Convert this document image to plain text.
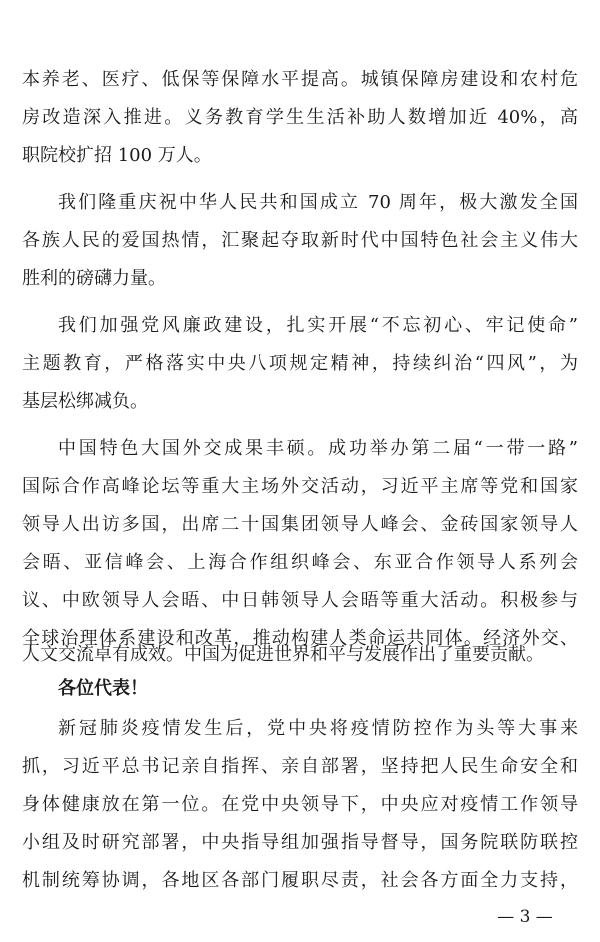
本养老、医疗、低保等保障水平提高。城镇保障房建设和农村危
房改造深入推进。义务教育学生生活补助人数增加近 40%，高
职院校扩招 100 万人。
我们隆重庆祝中华人民共和国成立 70 周年，极大激发全国
各族人民的爱国热情，汇聚起夺取新时代中国特色社会主义伟大
胜利的磅礴力量。
我们加强党风廉政建设，扎实开展“不忘初心、牢记使命”
主题教育，严格落实中央八项规定精神，持续纠治“四风”，为
基层松绑减负。
中国特色大国外交成果丰硕。成功举办第二届“一带一路”
国际合作高峰论坛等重大主场外交活动，习近平主席等党和国家
领导人出访多国，出席二十国集团领导人峰会、金砖国家领导人
会晤、亚信峰会、上海合作组织峰会、东亚合作领导人系列会
议、中欧领导人会晤、中日韩领导人会晤等重大活动。积极参与
全球治理体系建设和改革，推动构建人类命运共同体。经济外交、
各位代表！
新冠肺炎疫情发生后，党中央将疫情防控作为头等大事来
抓，习近平总书记亲自指挥、亲自部署，坚持把人民生命安全和
身体健康放在第一位。在党中央领导下，中央应对疫情工作领导
小组及时研究部署，中央指导组加强指导督导，国务院联防联控
机制统筹协调，各地区各部门履职尽责，社会各方面全力支持，
— 3 —
人文交流卓有成效。中国为促进世界和平与发展作出了重要贡献。
